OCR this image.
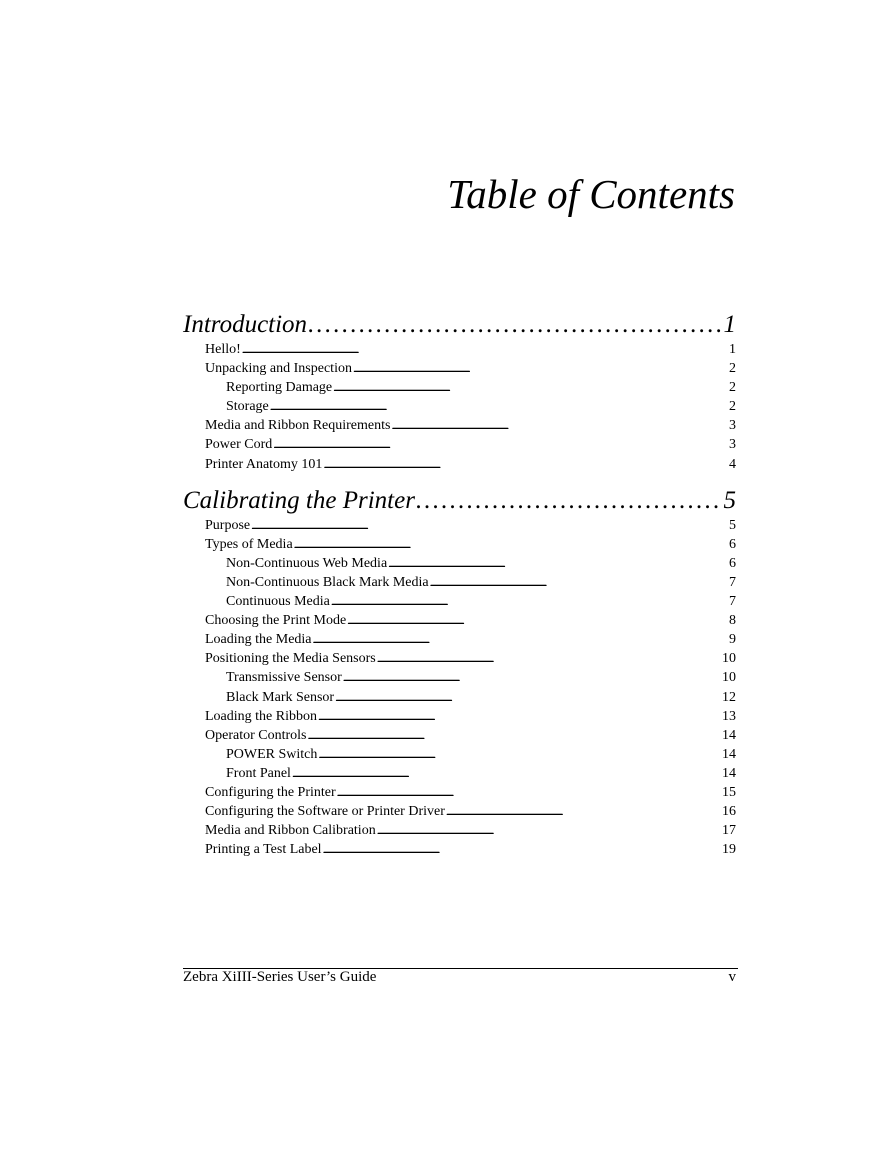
Table of Contents
Introduction . . .	1
Hello! . . .	1
Unpacking and Inspection . . .	2
Reporting Damage . . .	2
Storage . . .	2
Media and Ribbon Requirements . . .	3
Power Cord . . .	3
Printer Anatomy 101 . . .	4
Calibrating the Printer . . .	5
Purpose . . .	5
Types of Media . . .	6
Non-Continuous Web Media . . .	6
Non-Continuous Black Mark Media . . .	7
Continuous Media . . .	7
Choosing the Print Mode . . .	8
Loading the Media . . .	9
Positioning the Media Sensors . . .	10
Transmissive Sensor . . .	10
Black Mark Sensor . . .	12
Loading the Ribbon . . .	13
Operator Controls . . .	14
POWER Switch . . .	14
Front Panel . . .	14
Configuring the Printer . . .	15
Configuring the Software or Printer Driver . . .	16
Media and Ribbon Calibration . . .	17
Printing a Test Label . . .	19
Zebra XiIII-Series User’s Guide	v
